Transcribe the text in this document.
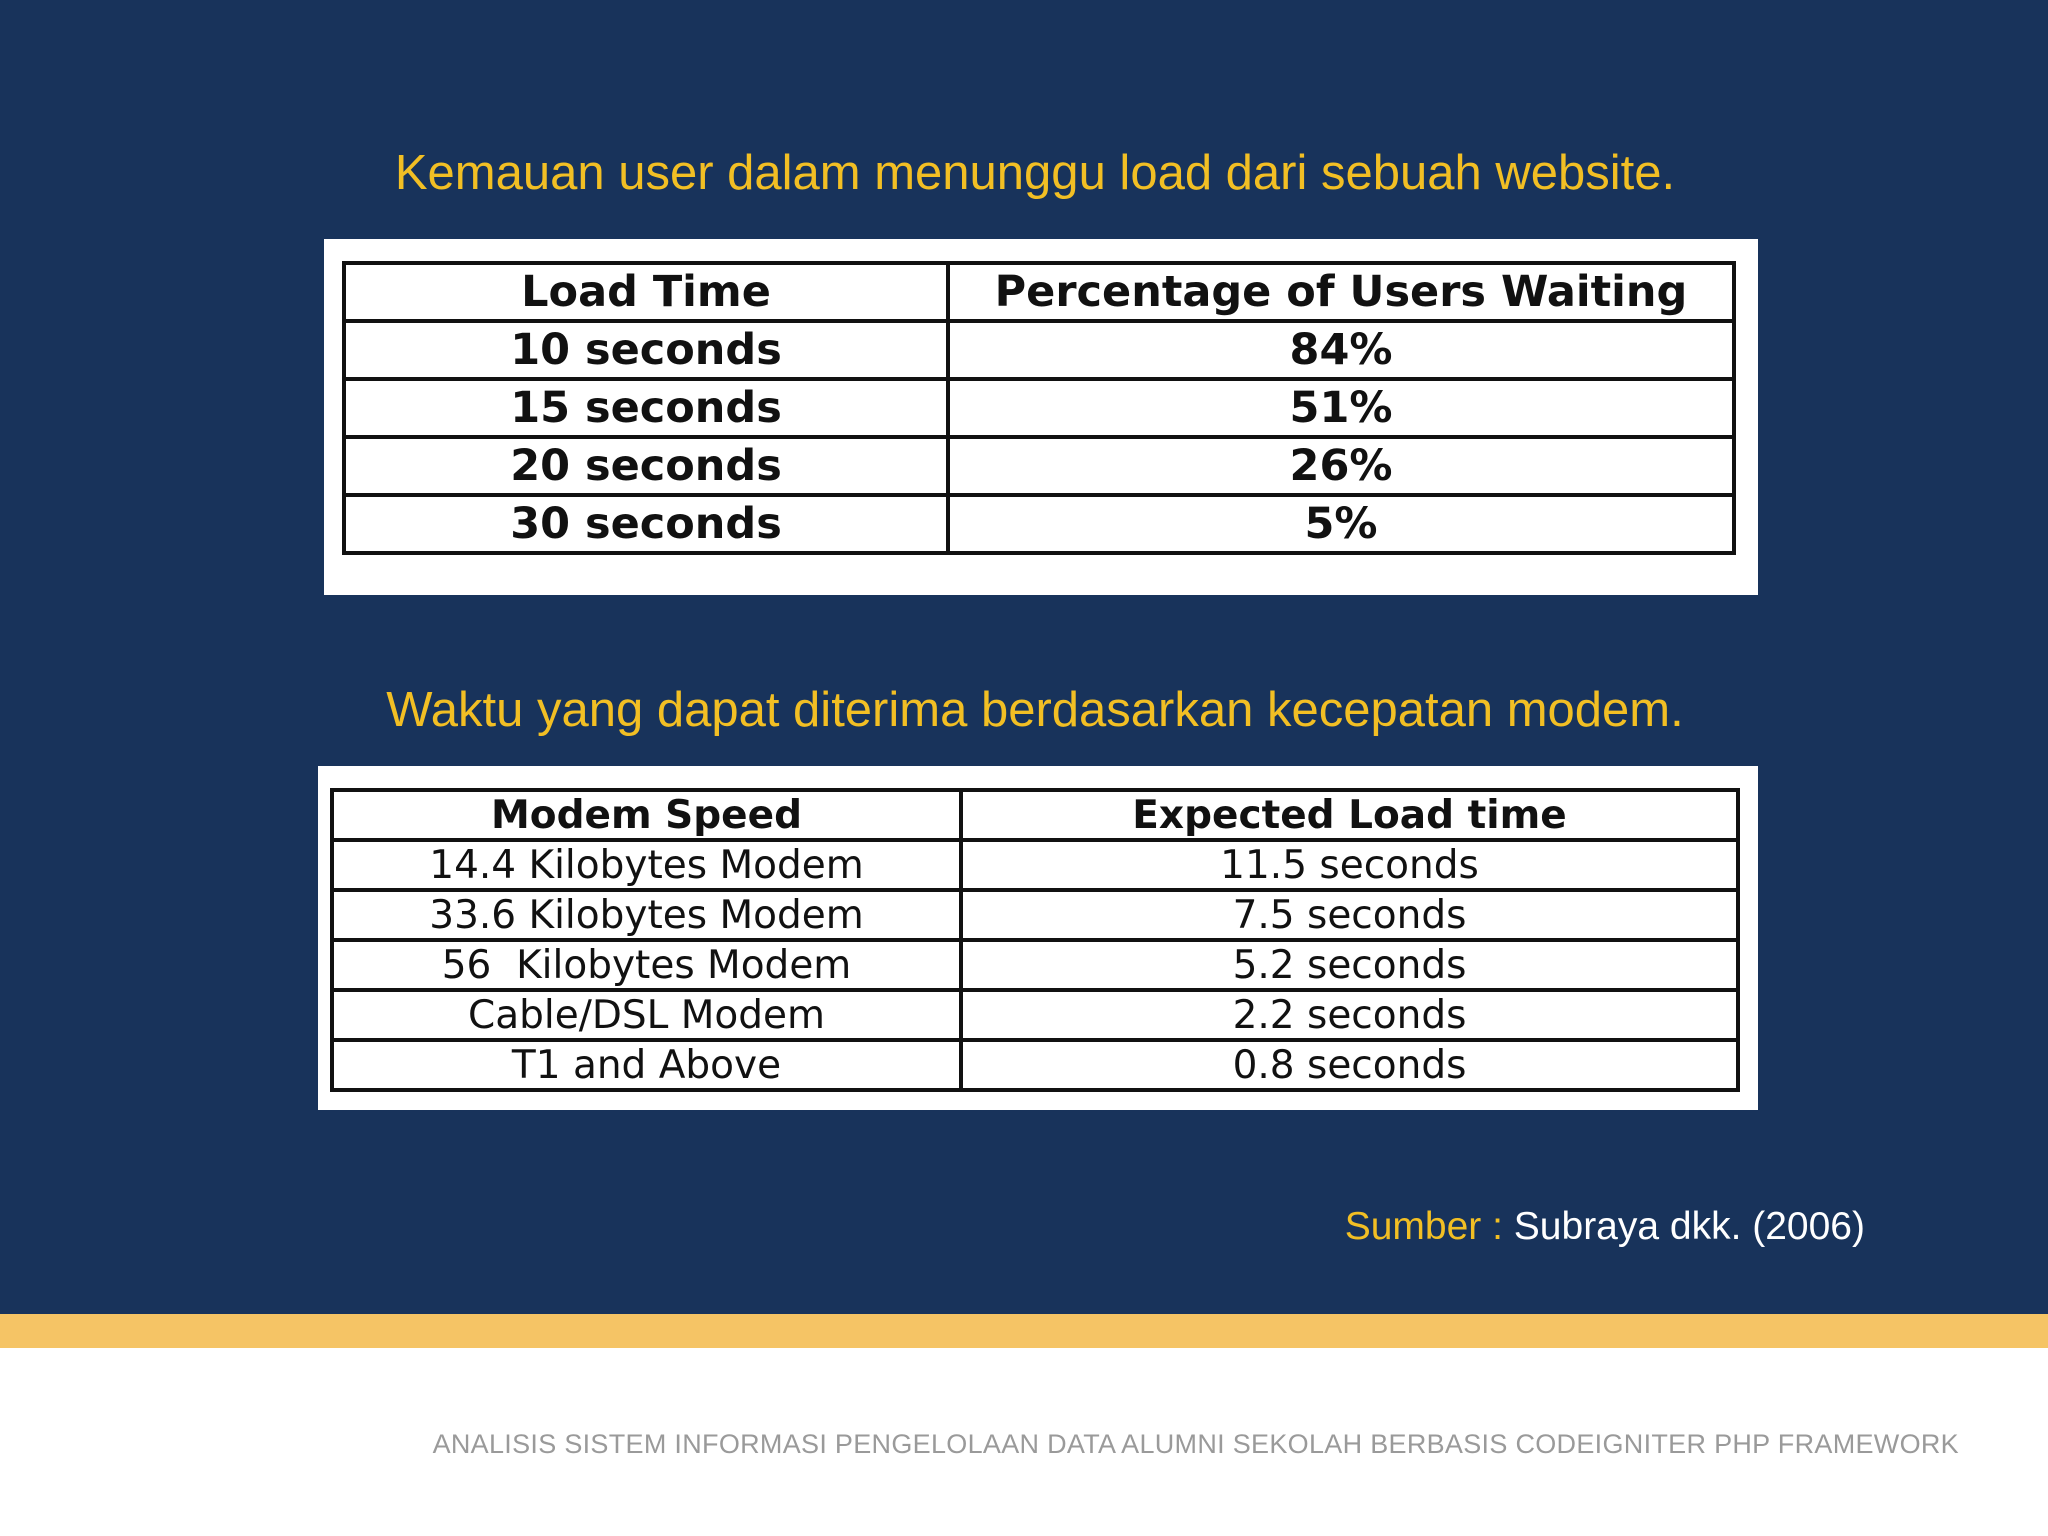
Kemauan user dalam menunggu load dari sebuah website.
Load Time	Percentage of Users Waiting
10 seconds	84%
15 seconds	51%
20 seconds	26%
30 seconds	5%
Waktu yang dapat diterima berdasarkan kecepatan modem.
Modem Speed	Expected Load time
14.4 Kilobytes Modem	11.5 seconds
33.6 Kilobytes Modem	7.5 seconds
56  Kilobytes Modem	5.2 seconds
Cable/DSL Modem	2.2 seconds
T1 and Above	0.8 seconds
Sumber : Subraya dkk. (2006)
ANALISIS SISTEM INFORMASI PENGELOLAAN DATA ALUMNI SEKOLAH BERBASIS CODEIGNITER PHP FRAMEWORK
